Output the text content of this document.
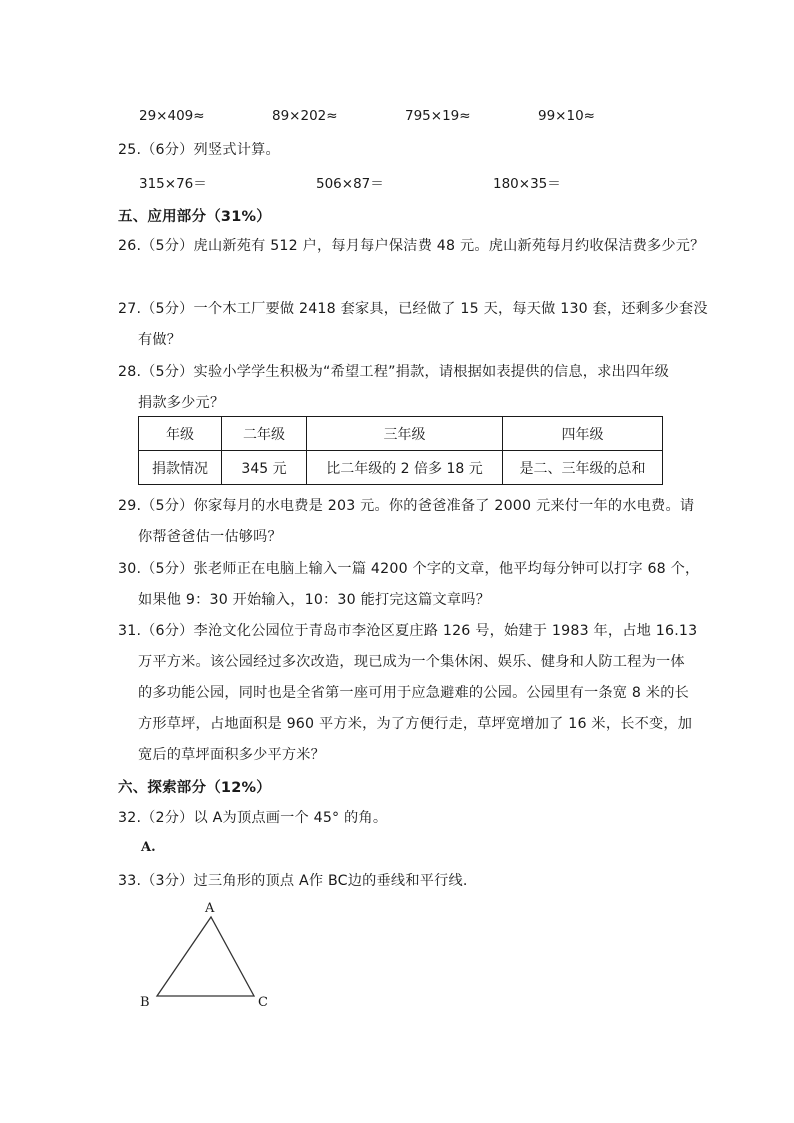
29×409≈	89×202≈	795×19≈	99×10≈
25.（6分）列竖式计算。
315×76＝	506×87＝	180×35＝
五、应用部分（31%）
26.（5分）虎山新苑有 512 户，每月每户保洁费 48 元。虎山新苑每月约收保洁费多少元？
27.（5分）一个木工厂要做 2418 套家具，已经做了 15 天，每天做 130 套，还剩多少套没
有做？
28.（5分）实验小学学生积极为“希望工程”捐款，请根据如表提供的信息，求出四年级
捐款多少元？
年级	二年级	三年级	四年级
捐款情况	345 元	比二年级的 2 倍多 18 元	是二、三年级的总和
29.（5分）你家每月的水电费是 203 元。你的爸爸准备了 2000 元来付一年的水电费。请
你帮爸爸估一估够吗？
30.（5分）张老师正在电脑上输入一篇 4200 个字的文章，他平均每分钟可以打字 68 个，
如果他 9：30 开始输入，10：30 能打完这篇文章吗？
31.（6分）李沧文化公园位于青岛市李沧区夏庄路 126 号，始建于 1983 年，占地 16.13
万平方米。该公园经过多次改造，现已成为一个集休闲、娱乐、健身和人防工程为一体
的多功能公园，同时也是全省第一座可用于应急避难的公园。公园里有一条宽 8 米的长
方形草坪，占地面积是 960 平方米，为了方便行走，草坪宽增加了 16 米，长不变，加
宽后的草坪面积多少平方米？
六、探索部分（12%）
32.（2分）以 A为顶点画一个 45° 的角。
A.
33.（3分）过三角形的顶点 A作 BC边的垂线和平行线.
A
B	C
